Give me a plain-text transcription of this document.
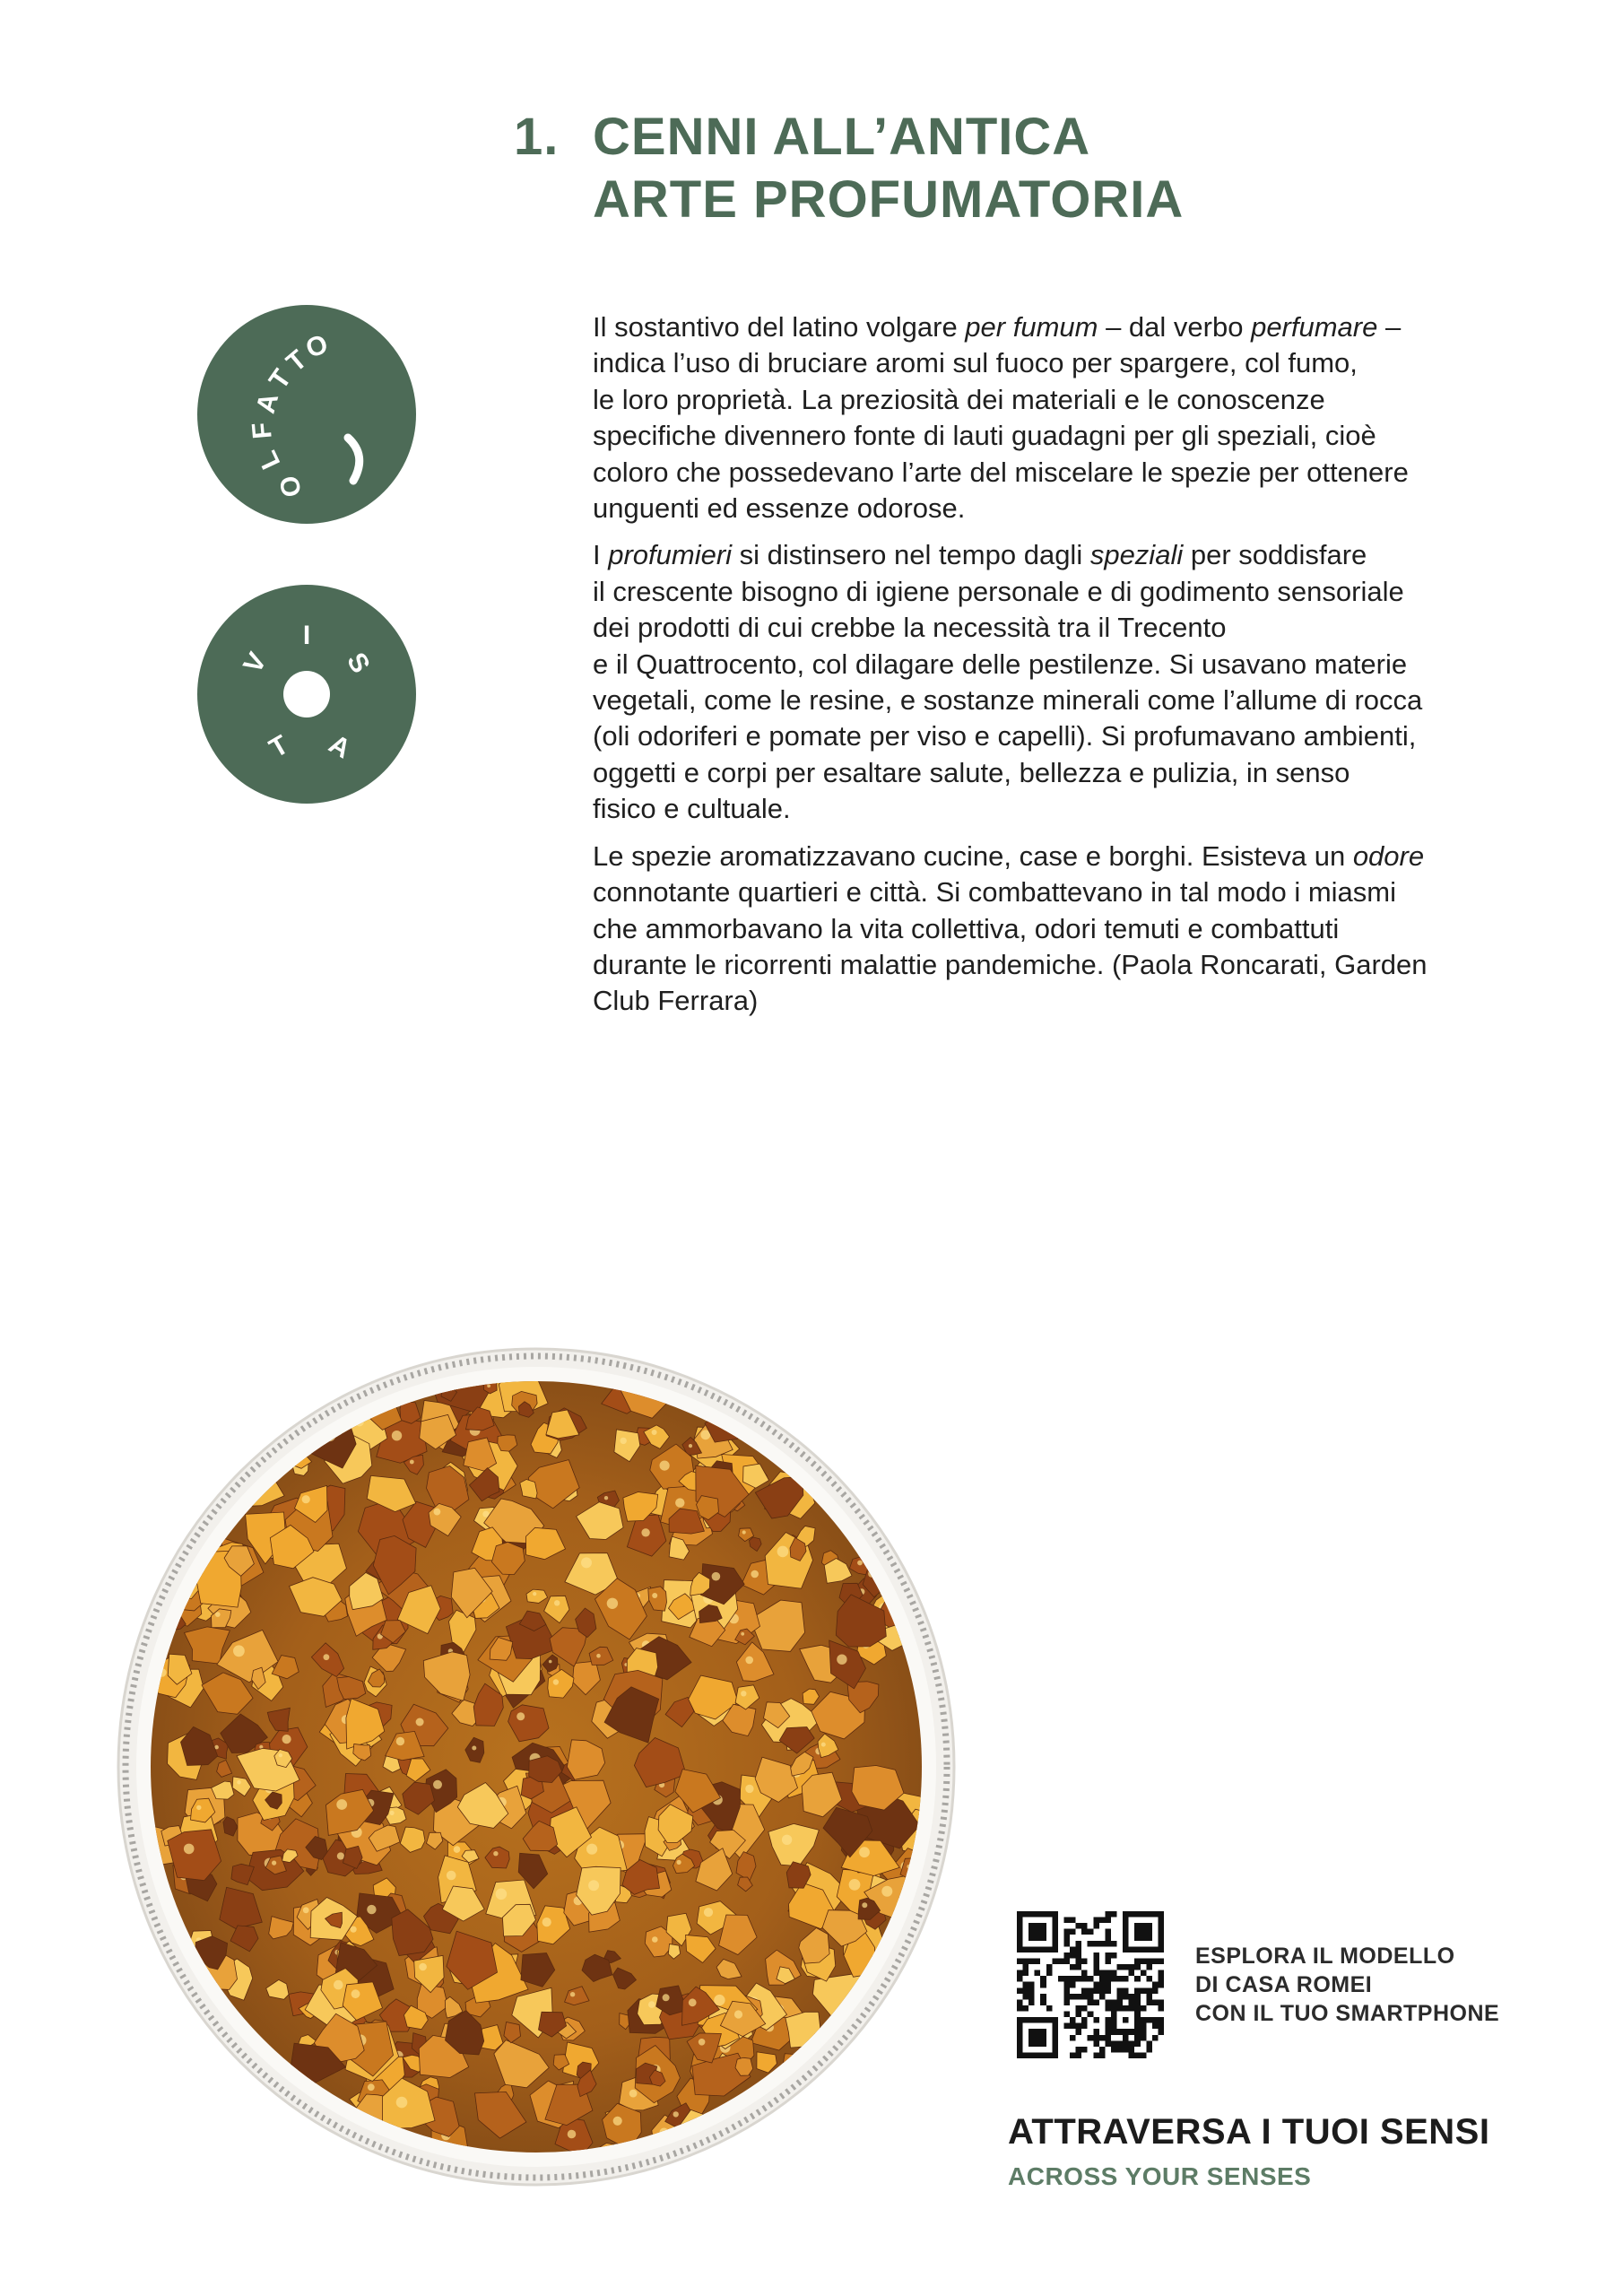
1. CENNI ALL’ANTICA
ARTE PROFUMATORIA
O
L
F
A
T
T
O
V
I
S
T A

Il sostantivo del latino volgare per fumum – dal verbo perfumare –
indica l’uso di bruciare aromi sul fuoco per spargere, col fumo,
le loro proprietà. La preziosità dei materiali e le conoscenze
specifiche divennero fonte di lauti guadagni per gli speziali, cioè
coloro che possedevano l’arte del miscelare le spezie per ottenere
unguenti ed essenze odorose.

I profumieri si distinsero nel tempo dagli speziali per soddisfare
il crescente bisogno di igiene personale e di godimento sensoriale
dei prodotti di cui crebbe la necessità tra il Trecento
e il Quattrocento, col dilagare delle pestilenze. Si usavano materie
vegetali, come le resine, e sostanze minerali come l’allume di rocca
(oli odoriferi e pomate per viso e capelli). Si profumavano ambienti,
oggetti e corpi per esaltare salute, bellezza e pulizia, in senso
fisico e cultuale.

Le spezie aromatizzavano cucine, case e borghi. Esisteva un odore
connotante quartieri e città. Si combattevano in tal modo i miasmi
che ammorbavano la vita collettiva, odori temuti e combattuti
durante le ricorrenti malattie pandemiche. (Paola Roncarati, Garden
Club Ferrara)

ESPLORA IL MODELLO
DI CASA ROMEI
CON IL TUO SMARTPHONE
ATTRAVERSA I TUOI SENSI
ACROSS YOUR SENSES
